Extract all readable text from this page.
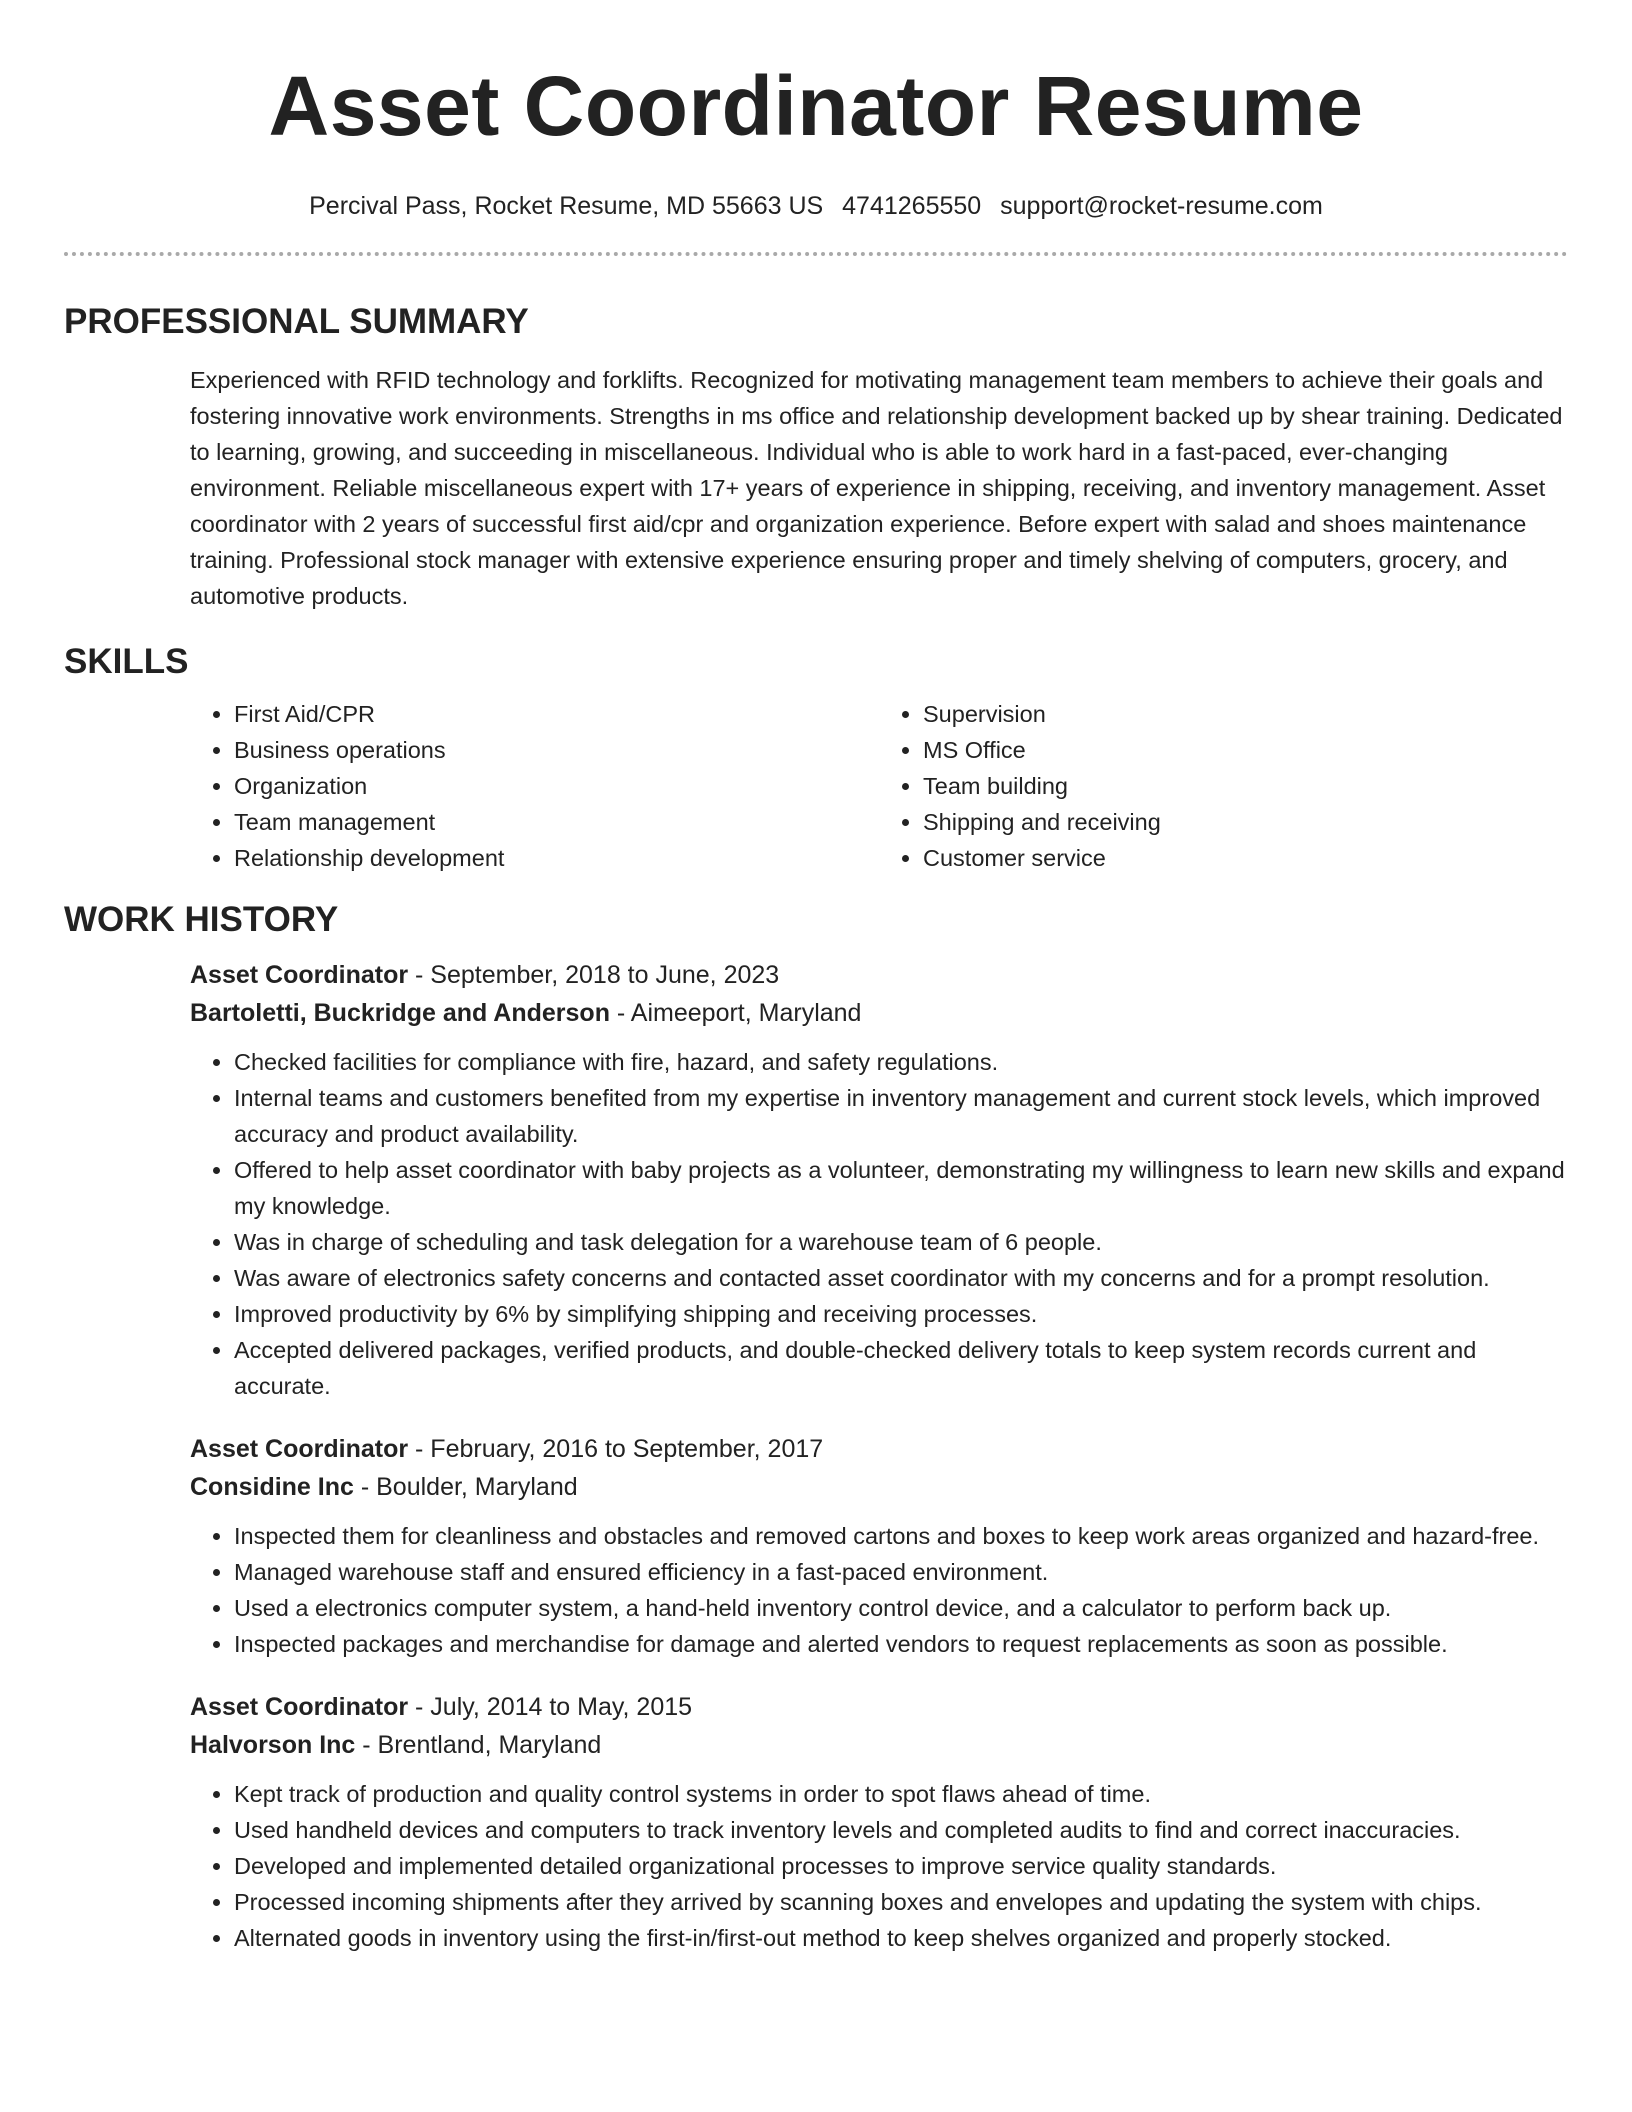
Asset Coordinator Resume
Percival Pass, Rocket Resume, MD 55663 US 4741265550 support@rocket-resume.com
PROFESSIONAL SUMMARY
Experienced with RFID technology and forklifts. Recognized for motivating management team members to achieve their goals and fostering innovative work environments. Strengths in ms office and relationship development backed up by shear training. Dedicated to learning, growing, and succeeding in miscellaneous. Individual who is able to work hard in a fast-paced, ever-changing environment. Reliable miscellaneous expert with 17+ years of experience in shipping, receiving, and inventory management. Asset coordinator with 2 years of successful first aid/cpr and organization experience. Before expert with salad and shoes maintenance training. Professional stock manager with extensive experience ensuring proper and timely shelving of computers, grocery, and automotive products.
SKILLS
• First Aid/CPR
• Business operations
• Organization
• Team management
• Relationship development
• Supervision
• MS Office
• Team building
• Shipping and receiving
• Customer service
WORK HISTORY
Asset Coordinator - September, 2018 to June, 2023
Bartoletti, Buckridge and Anderson - Aimeeport, Maryland
• Checked facilities for compliance with fire, hazard, and safety regulations.
• Internal teams and customers benefited from my expertise in inventory management and current stock levels, which improved accuracy and product availability.
• Offered to help asset coordinator with baby projects as a volunteer, demonstrating my willingness to learn new skills and expand my knowledge.
• Was in charge of scheduling and task delegation for a warehouse team of 6 people.
• Was aware of electronics safety concerns and contacted asset coordinator with my concerns and for a prompt resolution.
• Improved productivity by 6% by simplifying shipping and receiving processes.
• Accepted delivered packages, verified products, and double-checked delivery totals to keep system records current and accurate.
Asset Coordinator - February, 2016 to September, 2017
Considine Inc - Boulder, Maryland
• Inspected them for cleanliness and obstacles and removed cartons and boxes to keep work areas organized and hazard-free.
• Managed warehouse staff and ensured efficiency in a fast-paced environment.
• Used a electronics computer system, a hand-held inventory control device, and a calculator to perform back up.
• Inspected packages and merchandise for damage and alerted vendors to request replacements as soon as possible.
Asset Coordinator - July, 2014 to May, 2015
Halvorson Inc - Brentland, Maryland
• Kept track of production and quality control systems in order to spot flaws ahead of time.
• Used handheld devices and computers to track inventory levels and completed audits to find and correct inaccuracies.
• Developed and implemented detailed organizational processes to improve service quality standards.
• Processed incoming shipments after they arrived by scanning boxes and envelopes and updating the system with chips.
• Alternated goods in inventory using the first-in/first-out method to keep shelves organized and properly stocked.
